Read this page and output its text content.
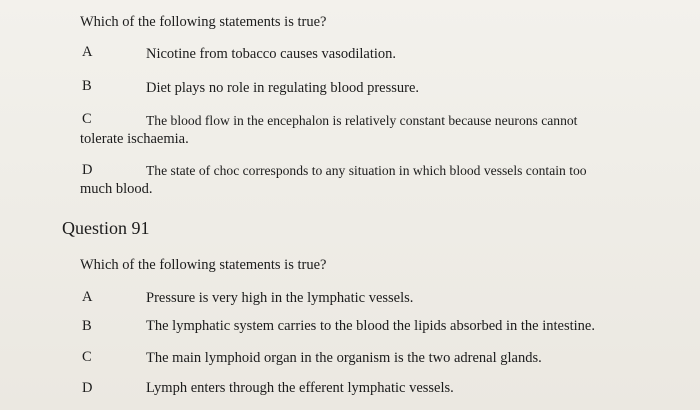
Which of the following statements is true?
A	Nicotine from tobacco causes vasodilation.
B	Diet plays no role in regulating blood pressure.
C	The blood flow in the encephalon is relatively constant because neurons cannot
tolerate ischaemia.
D	The state of choc corresponds to any situation in which blood vessels contain too
much blood.
Question 91
Which of the following statements is true?
A	Pressure is very high in the lymphatic vessels.
B	The lymphatic system carries to the blood the lipids absorbed in the intestine.
C	The main lymphoid organ in the organism is the two adrenal glands.
D	Lymph enters through the efferent lymphatic vessels.
